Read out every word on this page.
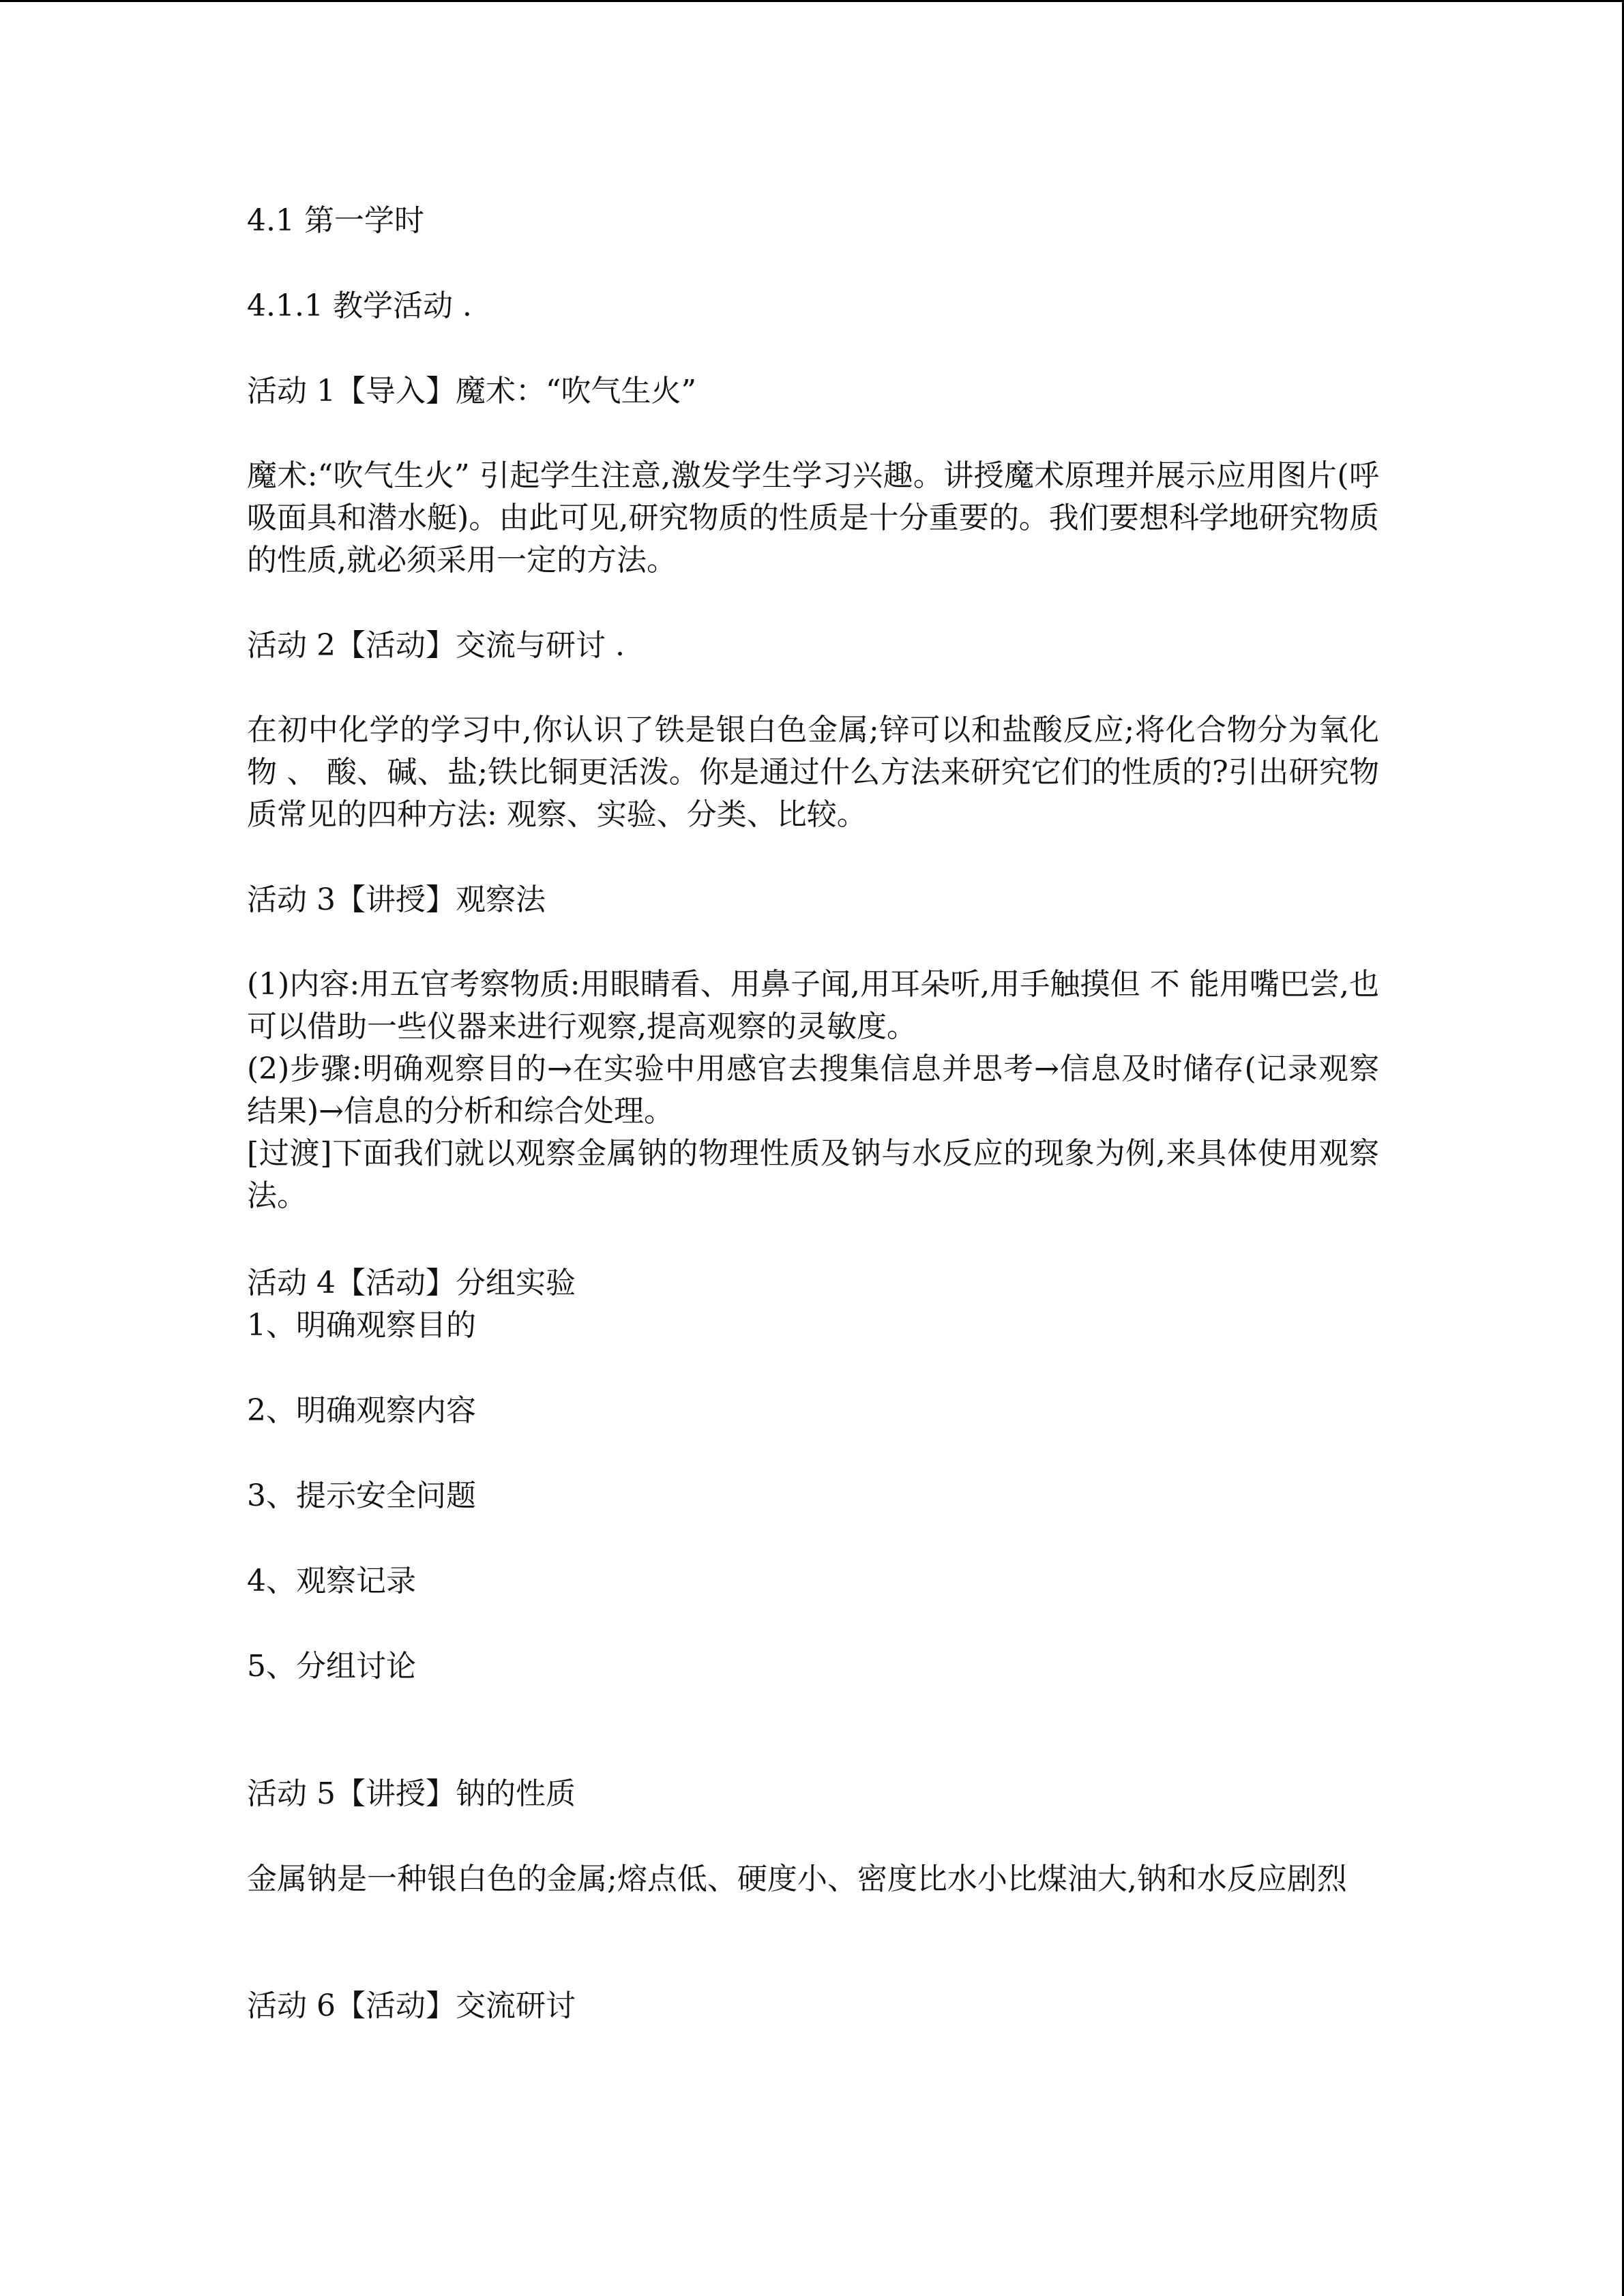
4.1 第一学时
4.1.1 教学活动 .
活动 1【导入】魔术：“吹气生火”
魔术:“吹气生火” 引起学生注意,激发学生学习兴趣。讲授魔术原理并展示应用图片(呼吸面具和潜水艇)。由此可见,研究物质的性质是十分重要的。我们要想科学地研究物质的性质,就必须采用一定的方法。
活动 2【活动】交流与研讨 .
在初中化学的学习中,你认识了铁是银白色金属;锌可以和盐酸反应;将化合物分为氧化物 、 酸、碱、盐;铁比铜更活泼。你是通过什么方法来研究它们的性质的?引出研究物质常见的四种方法: 观察、实验、分类、比较。
活动 3【讲授】观察法
(1)内容:用五官考察物质:用眼睛看、用鼻子闻,用耳朵听,用手触摸但 不 能用嘴巴尝,也可以借助一些仪器来进行观察,提高观察的灵敏度。
(2)步骤:明确观察目的→在实验中用感官去搜集信息并思考→信息及时储存(记录观察结果)→信息的分析和综合处理。
[过渡]下面我们就以观察金属钠的物理性质及钠与水反应的现象为例,来具体使用观察法。
活动 4【活动】分组实验
1、明确观察目的
2、明确观察内容
3、提示安全问题
4、观察记录
5、分组讨论
活动 5【讲授】钠的性质
金属钠是一种银白色的金属;熔点低、硬度小、密度比水小比煤油大,钠和水反应剧烈
活动 6【活动】交流研讨
